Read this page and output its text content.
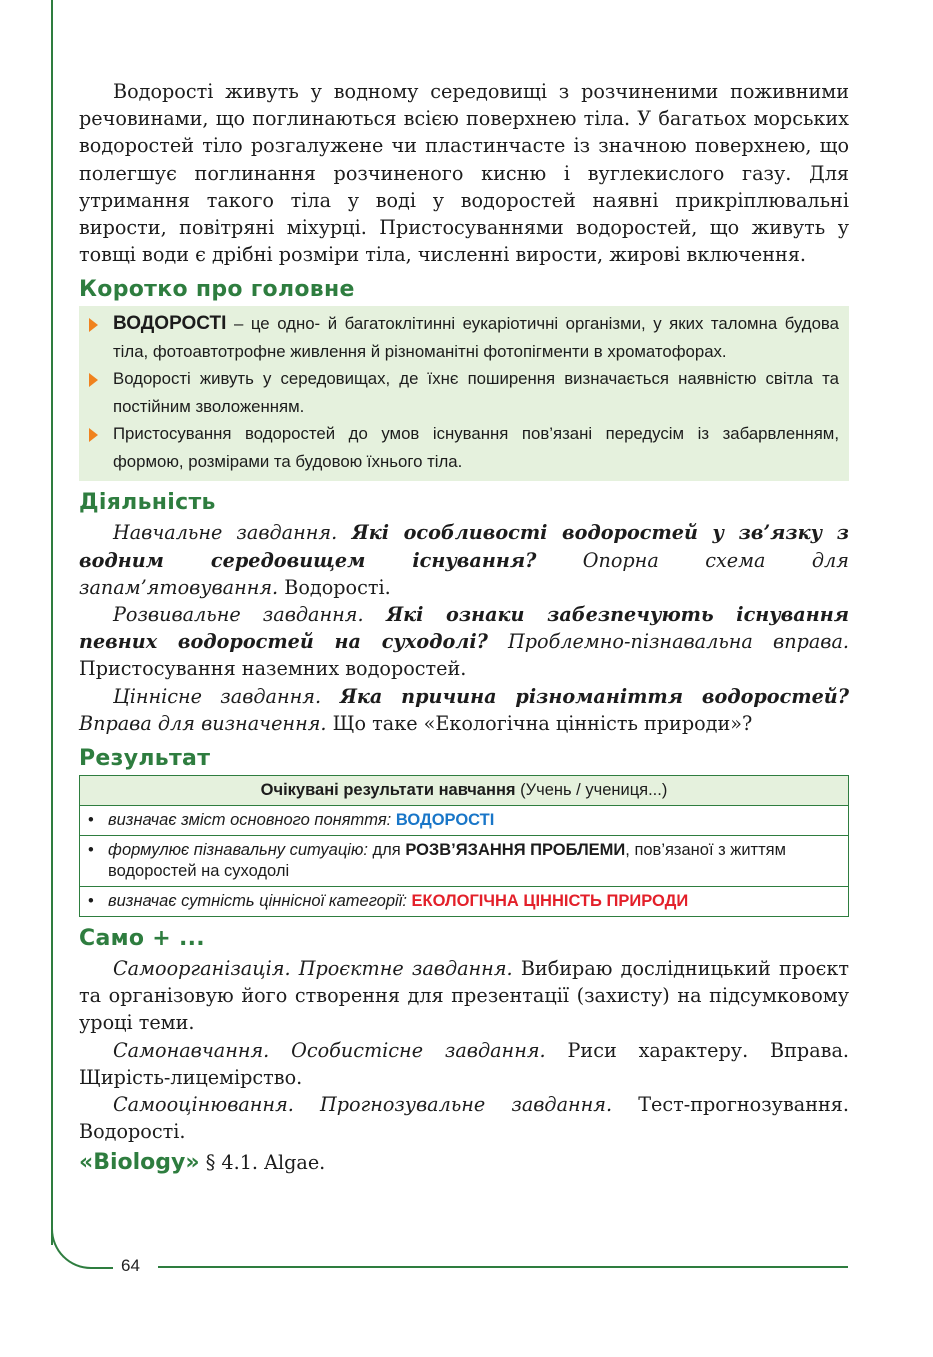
64

Водорості живуть у водному середовищі з розчиненими поживними речовинами, що поглинаються всією поверхнею тіла. У багатьох морських водоростей тіло розгалужене чи пластинчасте із значною поверхнею, що полегшує поглинання розчиненого кисню і вуглекислого газу. Для утримання такого тіла у воді у водоростей наявні прикріплювальні вирости, повітряні міхурці. Пристосуваннями водоростей, що живуть у товщі води є дрібні розміри тіла, численні вирости, жирові включення.

Коротко про головне
ВОДОРОСТІ – це одно- й багатоклітинні еукаріотичні організми, у яких таломна будова тіла, фотоавтотрофне живлення й різноманітні фотопігменти в хроматофорах.
Водорості живуть у середовищах, де їхнє поширення визначається наявністю світла та постійним зволоженням.
Пристосування водоростей до умов існування пов’язані передусім із забарвленням, формою, розмірами та будовою їхнього тіла.
Діяльність

Навчальне завдання. Які особливості водоростей у зв’язку з водним середовищем існування? Опорна схема для запам’ятовування. Водорості.

Розвивальне завдання. Які ознаки забезпечують існування певних водоростей на суходолі? Проблемно-пізнавальна вправа. Пристосування наземних водоростей.

Ціннісне завдання. Яка причина різноманіття водоростей? Вправа для визначення. Що таке «Екологічна цінність природи»?

Результат
Очікувані результати навчання (Учень / учениця...)

• визначає зміст основного поняття: ВОДОРОСТІ

• формулює пізнавальну ситуацію: для РОЗВ’ЯЗАННЯ ПРОБЛЕМИ, пов’язаної з життям водоростей на суходолі

• визначає сутність ціннісної категорії: ЕКОЛОГІЧНА ЦІННІСТЬ ПРИРОДИ
Само + ...

Самоорганізація. Проєктне завдання. Вибираю дослідницький проєкт та організовую його створення для презентації (захисту) на підсумковому уроці теми.

Самонавчання. Особистісне завдання. Риси характеру. Вправа. Щирість-лицемірство.

Самооцінювання. Прогнозувальне завдання. Тест-прогнозування. Водорості.

«Biology» § 4.1. Algae.
